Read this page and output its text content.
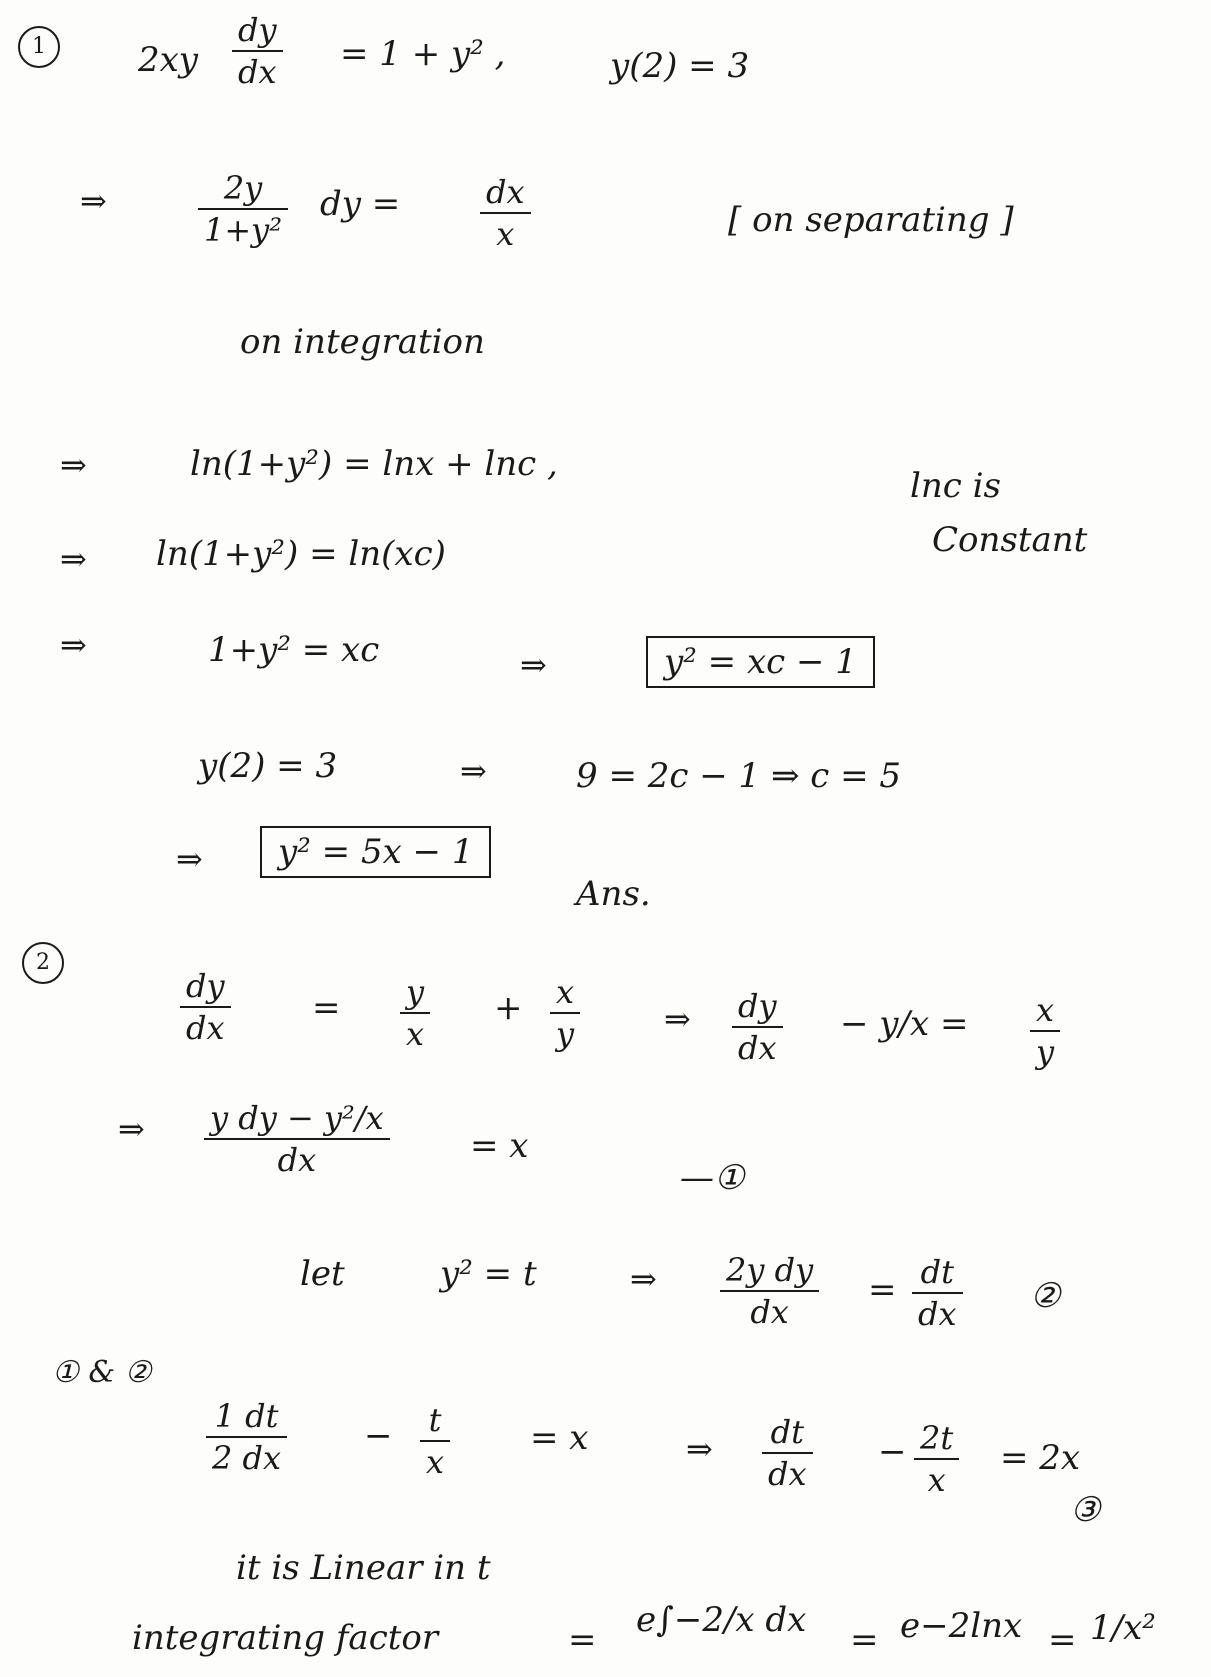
1	$2xy \frac{dy}{dx} = 1 + y^2$ ,	y(2) = 3
⇒	$\frac{2y}{\text{1+y²}}$ dy = $\frac{dx}{x}$	[ on separating ]
on integration
⇒	ln(1+y²) = lnx + lnc ,
lnc is
Constant
⇒ ln(1+y²) = ln(xc)
⇒	1+y² = xc	⇒	y² = xc − 1
y(2) = 3	⇒	9 = 2c − 1 ⇒ c = 5
⇒	y² = 5x − 1
Ans.
2
$\frac{dy}{dx} = \frac{y}{x} + \frac{x}{y}$	⇒ $\frac{dy}{dx} - y/x = \frac{x}{y}$
⇒ $\frac{\text{y dy − y²/x}}{dx} = x$
—①
let	y² = t	⇒ $\frac{\text{2y dy}}{dx} = \frac{dt}{dx}$ ②
① & ②
$\frac{1 dt}{2 dx} - \frac{t}{x} = x$	⇒ $\frac{dt}{dx} - \frac{2t}{x} = 2x$
③
it is Linear in t
integrating factor	= e∫−2/x dx = e−2lnx = 1/x²
